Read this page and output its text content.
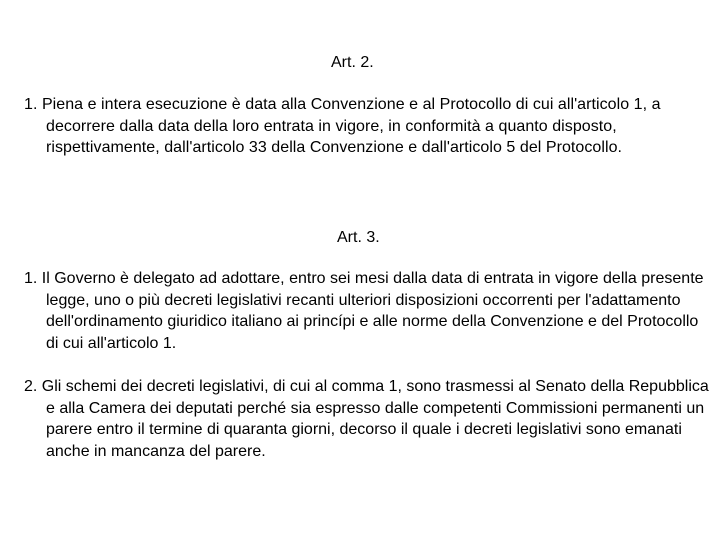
Art. 2.
1. Piena e intera esecuzione è data alla Convenzione e al Protocollo di cui all'articolo 1, a decorrere dalla data della loro entrata in vigore, in conformità a quanto disposto, rispettivamente, dall'articolo 33 della Convenzione e dall'articolo 5 del Protocollo.
Art. 3.
1. Il Governo è delegato ad adottare, entro sei mesi dalla data di entrata in vigore della presente legge, uno o più decreti legislativi recanti ulteriori disposizioni occorrenti per l'adattamento dell'ordinamento giuridico italiano ai princípi e alle norme della Convenzione e del Protocollo di cui all'articolo 1.
2. Gli schemi dei decreti legislativi, di cui al comma 1, sono trasmessi al Senato della Repubblica e alla Camera dei deputati perché sia espresso dalle competenti Commissioni permanenti un parere entro il termine di quaranta giorni, decorso il quale i decreti legislativi sono emanati anche in mancanza del parere.
